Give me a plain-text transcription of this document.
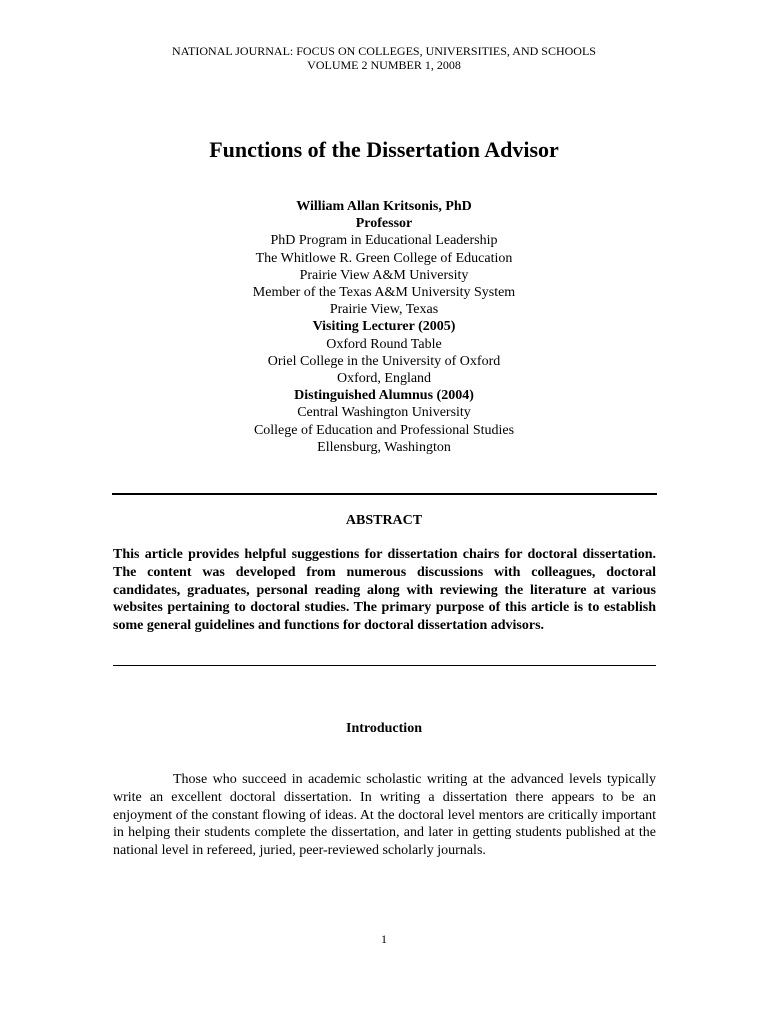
NATIONAL JOURNAL: FOCUS ON COLLEGES, UNIVERSITIES, AND SCHOOLS
VOLUME 2 NUMBER 1, 2008
Functions of the Dissertation Advisor
William Allan Kritsonis, PhD
Professor
PhD Program in Educational Leadership
The Whitlowe R. Green College of Education
Prairie View A&M University
Member of the Texas A&M University System
Prairie View, Texas
Visiting Lecturer (2005)
Oxford Round Table
Oriel College in the University of Oxford
Oxford, England
Distinguished Alumnus (2004)
Central Washington University
College of Education and Professional Studies
Ellensburg, Washington
ABSTRACT

This article provides helpful suggestions for dissertation chairs for doctoral dissertation. The content was developed from numerous discussions with colleagues, doctoral candidates, graduates, personal reading along with reviewing the literature at various websites pertaining to doctoral studies. The primary purpose of this article is to establish some general guidelines and functions for doctoral dissertation advisors.

Introduction

Those who succeed in academic scholastic writing at the advanced levels typically write an excellent doctoral dissertation. In writing a dissertation there appears to be an enjoyment of the constant flowing of ideas. At the doctoral level mentors are critically important in helping their students complete the dissertation, and later in getting students published at the national level in refereed, juried, peer-reviewed scholarly journals.

1
